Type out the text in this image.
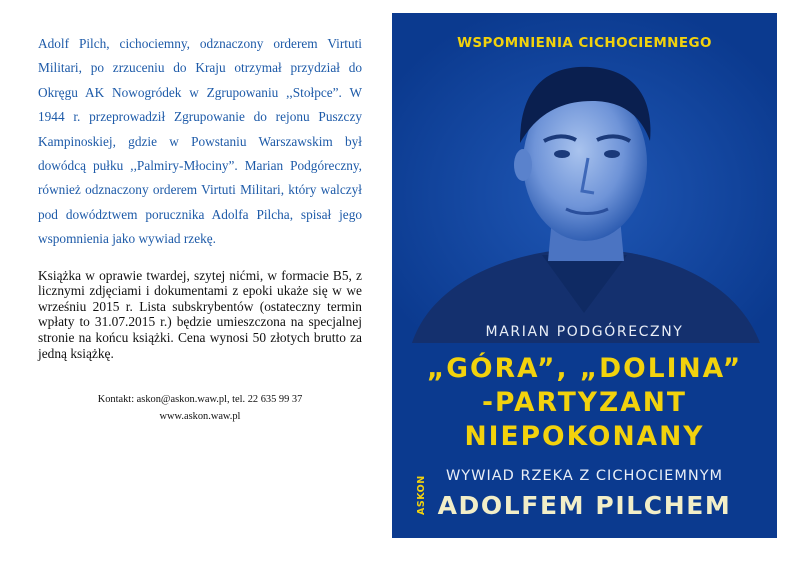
Adolf Pilch, cichociemny, odznaczony orderem Virtuti Militari, po zrzuceniu do Kraju otrzymał przydział do Okręgu AK Nowogródek w Zgrupowaniu ,,Stołpce”. W 1944 r. przeprowadził Zgrupowanie do rejonu Puszczy Kampinoskiej, gdzie w Powstaniu Warszawskim był dowódcą pułku ,,Palmiry-Młociny”. Marian Podgóreczny, również odznaczony orderem Virtuti Militari, który walczył pod dowództwem porucznika Adolfa Pilcha, spisał jego wspomnienia jako wywiad rzekę.

Książka w oprawie twardej, szytej nićmi, w formacie B5, z licznymi zdjęciami i dokumentami z epoki ukaże się w we wrześniu 2015 r. Lista subskrybentów (ostateczny termin wpłaty to 31.07.2015 r.) będzie umieszczona na specjalnej stronie na końcu książki. Cena wynosi 50 złotych brutto za jedną książkę.

Kontakt: askon@askon.waw.pl, tel. 22 635 99 37
www.askon.waw.pl

WSPOMNIENIA CICHOCIEMNEGO

MARIAN PODGÓRECZNY

„GÓRA”, „DOLINA”
-PARTYZANT
NIEPOKONANY

WYWIAD RZEKA Z CICHOCIEMNYM

ADOLFEM PILCHEM

ASKON
